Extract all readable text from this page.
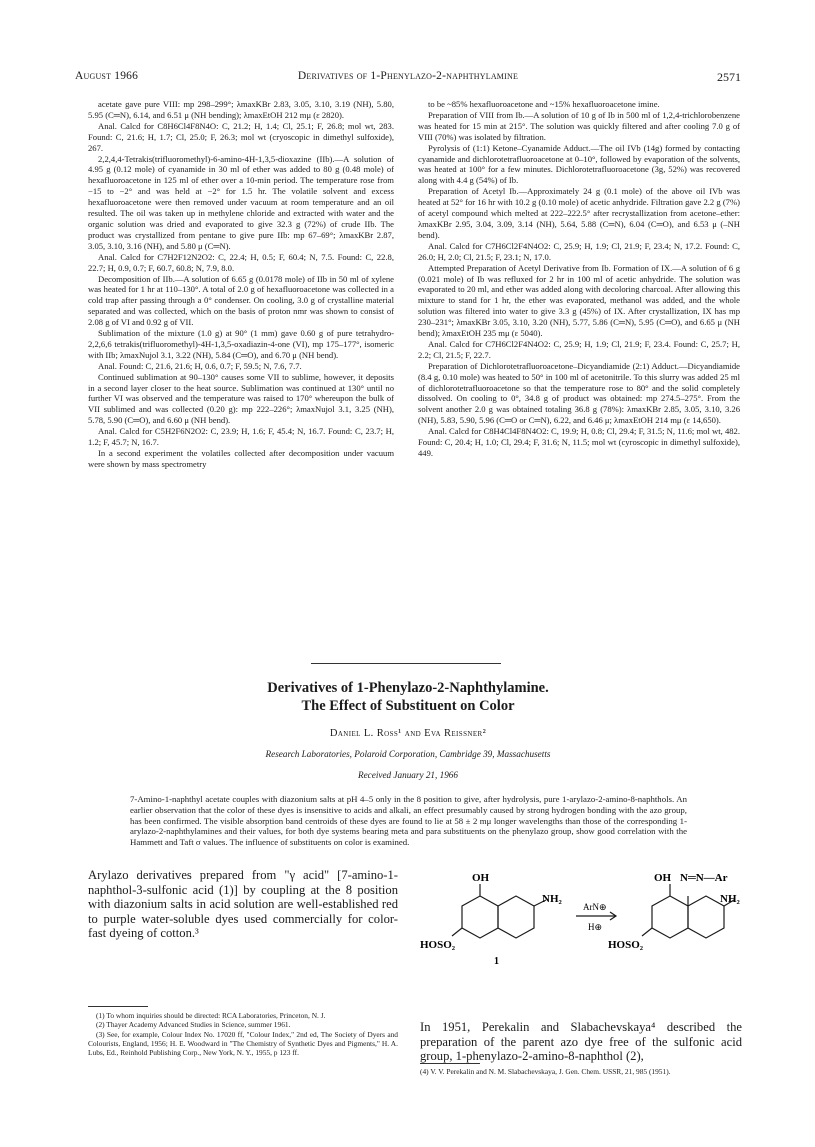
August 1966	Derivatives of 1-Phenylazo-2-naphthylamine	2571

acetate gave pure VIII: mp 298–299°; λmaxKBr 2.83, 3.05, 3.10, 3.19 (NH), 5.80, 5.95 (C═N), 6.14, and 6.51 μ (NH bending); λmaxEtOH 212 mμ (ε 2820).

Anal. Calcd for C8H6Cl4F8N4O: C, 21.2; H, 1.4; Cl, 25.1; F, 26.8; mol wt, 283. Found: C, 21.6; H, 1.7; Cl, 25.0; F, 26.3; mol wt (cryoscopic in dimethyl sulfoxide), 267.

2,2,4,4-Tetrakis(trifluoromethyl)-6-amino-4H-1,3,5-dioxazine (IIb).—A solution of 4.95 g (0.12 mole) of cyanamide in 30 ml of ether was added to 80 g (0.48 mole) of hexafluoroacetone in 125 ml of ether over a 10-min period. The temperature rose from −15 to −2° and was held at −2° for 1.5 hr. The volatile solvent and excess hexafluoroacetone were then removed under vacuum at room temperature and an oil resulted. The oil was taken up in methylene chloride and extracted with water and the organic solution was dried and evaporated to give 32.3 g (72%) of crude IIb. The product was crystallized from pentane to give pure IIb: mp 67–69°; λmaxKBr 2.87, 3.05, 3.10, 3.16 (NH), and 5.80 μ (C═N).

Anal. Calcd for C7H2F12N2O2: C, 22.4; H, 0.5; F, 60.4; N, 7.5. Found: C, 22.8, 22.7; H, 0.9, 0.7; F, 60.7, 60.8; N, 7.9, 8.0.

Decomposition of IIb.—A solution of 6.65 g (0.0178 mole) of IIb in 50 ml of xylene was heated for 1 hr at 110–130°. A total of 2.0 g of hexafluoroacetone was collected in a cold trap after passing through a 0° condenser. On cooling, 3.0 g of crystalline material separated and was collected, which on the basis of proton nmr was shown to consist of 2.08 g of VI and 0.92 g of VII.

Sublimation of the mixture (1.0 g) at 90° (1 mm) gave 0.60 g of pure tetrahydro-2,2,6,6 tetrakis(trifluoromethyl)-4H-1,3,5-oxadiazin-4-one (VI), mp 175–177°, isomeric with IIb; λmaxNujol 3.1, 3.22 (NH), 5.84 (C═O), and 6.70 μ (NH bend).

Anal. Found: C, 21.6, 21.6; H, 0.6, 0.7; F, 59.5; N, 7.6, 7.7.

Continued sublimation at 90–130° causes some VII to sublime, however, it deposits in a second layer closer to the heat source. Sublimation was continued at 130° until no further VI was observed and the temperature was raised to 170° whereupon the bulk of VII sublimed and was collected (0.20 g): mp 222–226°; λmaxNujol 3.1, 3.25 (NH), 5.78, 5.90 (C═O), and 6.60 μ (NH bend).

Anal. Calcd for C5H2F6N2O2: C, 23.9; H, 1.6; F, 45.4; N, 16.7. Found: C, 23.7; H, 1.2; F, 45.7; N, 16.7.

In a second experiment the volatiles collected after decomposition under vacuum were shown by mass spectrometry

to be ~85% hexafluoroacetone and ~15% hexafluoroacetone imine.

Preparation of VIII from Ib.—A solution of 10 g of Ib in 500 ml of 1,2,4-trichlorobenzene was heated for 15 min at 215°. The solution was quickly filtered and after cooling 7.0 g of VIII (70%) was isolated by filtration.

Pyrolysis of (1:1) Ketone–Cyanamide Adduct.—The oil IVb (14g) formed by contacting cyanamide and dichlorotetrafluoroacetone at 0–10°, followed by evaporation of the solvents, was heated at 100° for a few minutes. Dichlorotetrafluoroacetone (3g, 52%) was recovered along with 4.4 g (54%) of Ib.

Preparation of Acetyl Ib.—Approximately 24 g (0.1 mole) of the above oil IVb was heated at 52° for 16 hr with 10.2 g (0.10 mole) of acetic anhydride. Filtration gave 2.2 g (7%) of acetyl compound which melted at 222–222.5° after recrystallization from acetone–ether: λmaxKBr 2.95, 3.04, 3.09, 3.14 (NH), 5.64, 5.88 (C═N), 6.04 (C═O), and 6.53 μ (–NH bend).

Anal. Calcd for C7H6Cl2F4N4O2: C, 25.9; H, 1.9; Cl, 21.9; F, 23.4; N, 17.2. Found: C, 26.0; H, 2.0; Cl, 21.5; F, 23.1; N, 17.0.

Attempted Preparation of Acetyl Derivative from Ib. Formation of IX.—A solution of 6 g (0.021 mole) of Ib was refluxed for 2 hr in 100 ml of acetic anhydride. The solution was evaporated to 20 ml, and ether was added along with decoloring charcoal. After allowing this mixture to stand for 1 hr, the ether was evaporated, methanol was added, and the whole solution was filtered into water to give 3.3 g (45%) of IX. After crystallization, IX has mp 230–231°; λmaxKBr 3.05, 3.10, 3.20 (NH), 5.77, 5.86 (C═N), 5.95 (C═O), and 6.65 μ (NH bend); λmaxEtOH 235 mμ (ε 5040).

Anal. Calcd for C7H6Cl2F4N4O2: C, 25.9; H, 1.9; Cl, 21.9; F, 23.4. Found: C, 25.7; H, 2.2; Cl, 21.5; F, 22.7.

Preparation of Dichlorotetrafluoroacetone–Dicyandiamide (2:1) Adduct.—Dicyandiamide (8.4 g, 0.10 mole) was heated to 50° in 100 ml of acetonitrile. To this slurry was added 25 ml of dichlorotetrafluoroacetone so that the temperature rose to 80° and the solid completely dissolved. On cooling to 0°, 34.8 g of product was obtained: mp 274.5–275°. From the solvent another 2.0 g was obtained totaling 36.8 g (78%): λmaxKBr 2.85, 3.05, 3.10, 3.26 (NH), 5.83, 5.90, 5.96 (C═O or C═N), 6.22, and 6.46 μ; λmaxEtOH 214 mμ (ε 14,650).

Anal. Calcd for C8H4Cl4F8N4O2: C, 19.9; H, 0.8; Cl, 29.4; F, 31.5; N, 11.6; mol wt, 482. Found: C, 20.4; H, 1.0; Cl, 29.4; F, 31.6; N, 11.5; mol wt (cyroscopic in dimethyl sulfoxide), 449.

Derivatives of 1-Phenylazo-2-Naphthylamine.
The Effect of Substituent on Color
Daniel L. Ross¹ and Eva Reissner²
Research Laboratories, Polaroid Corporation, Cambridge 39, Massachusetts
Received January 21, 1966
7-Amino-1-naphthyl acetate couples with diazonium salts at pH 4–5 only in the 8 position to give, after hydrolysis, pure 1-arylazo-2-amino-8-naphthols. An earlier observation that the color of these dyes is insensitive to acids and alkali, an effect presumably caused by strong hydrogen bonding with the azo group, has been confirmed. The visible absorption band centroids of these dyes are found to lie at 58 ± 2 mμ longer wavelengths than those of the corresponding 1-arylazo-2-naphthylamines and their values, for both dye systems bearing meta and para substituents on the phenylazo group, show good correlation with the Hammett and Taft σ values. The influence of substituents on color is examined.
Arylazo derivatives prepared from "γ acid" [7-amino-1-naphthol-3-sulfonic acid (1)] by coupling at the 8 position with diazonium salts in acid solution are well-established red to purple water-soluble dyes used commercially for color-fast dyeing of cotton.³
OH
NH₂
HOSO₂
1
ArN⊕
H⊕
OH N═N—Ar
NH₂
HOSO₂
In 1951, Perekalin and Slabachevskaya⁴ described the preparation of the parent azo dye free of the sulfonic acid group, 1-phenylazo-2-amino-8-naphthol (2),

(1) To whom inquiries should be directed: RCA Laboratories, Princeton, N. J.

(2) Thayer Academy Advanced Studies in Science, summer 1961.

(3) See, for example, Colour Index No. 17020 ff, "Colour Index," 2nd ed, The Society of Dyers and Colourists, England, 1956; H. E. Woodward in "The Chemistry of Synthetic Dyes and Pigments," H. A. Lubs, Ed., Reinhold Publishing Corp., New York, N. Y., 1955, p 123 ff.

(4) V. V. Perekalin and N. M. Slabachevskaya, J. Gen. Chem. USSR, 21, 985 (1951).
